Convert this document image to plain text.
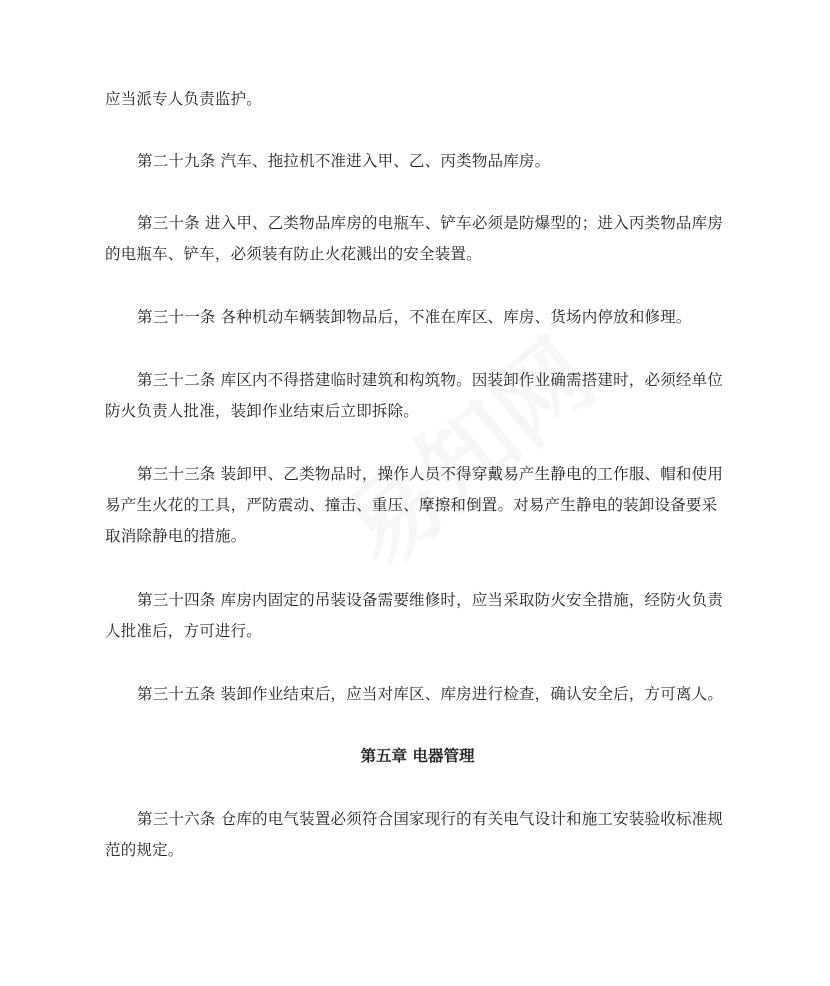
应当派专人负责监护。

第二十九条 汽车、拖拉机不准进入甲、乙、丙类物品库房。

第三十条 进入甲、乙类物品库房的电瓶车、铲车必须是防爆型的；进入丙类物品库房的电瓶车、铲车，必须装有防止火花溅出的安全装置。

第三十一条 各种机动车辆装卸物品后，不准在库区、库房、货场内停放和修理。

第三十二条 库区内不得搭建临时建筑和构筑物。因装卸作业确需搭建时，必须经单位防火负责人批准，装卸作业结束后立即拆除。

第三十三条 装卸甲、乙类物品时，操作人员不得穿戴易产生静电的工作服、帽和使用易产生火花的工具，严防震动、撞击、重压、摩擦和倒置。对易产生静电的装卸设备要采取消除静电的措施。

第三十四条 库房内固定的吊装设备需要维修时，应当采取防火安全措施，经防火负责人批准后，方可进行。

第三十五条 装卸作业结束后，应当对库区、库房进行检查，确认安全后，方可离人。

第五章 电器管理

第三十六条 仓库的电气装置必须符合国家现行的有关电气设计和施工安装验收标准规范的规定。
